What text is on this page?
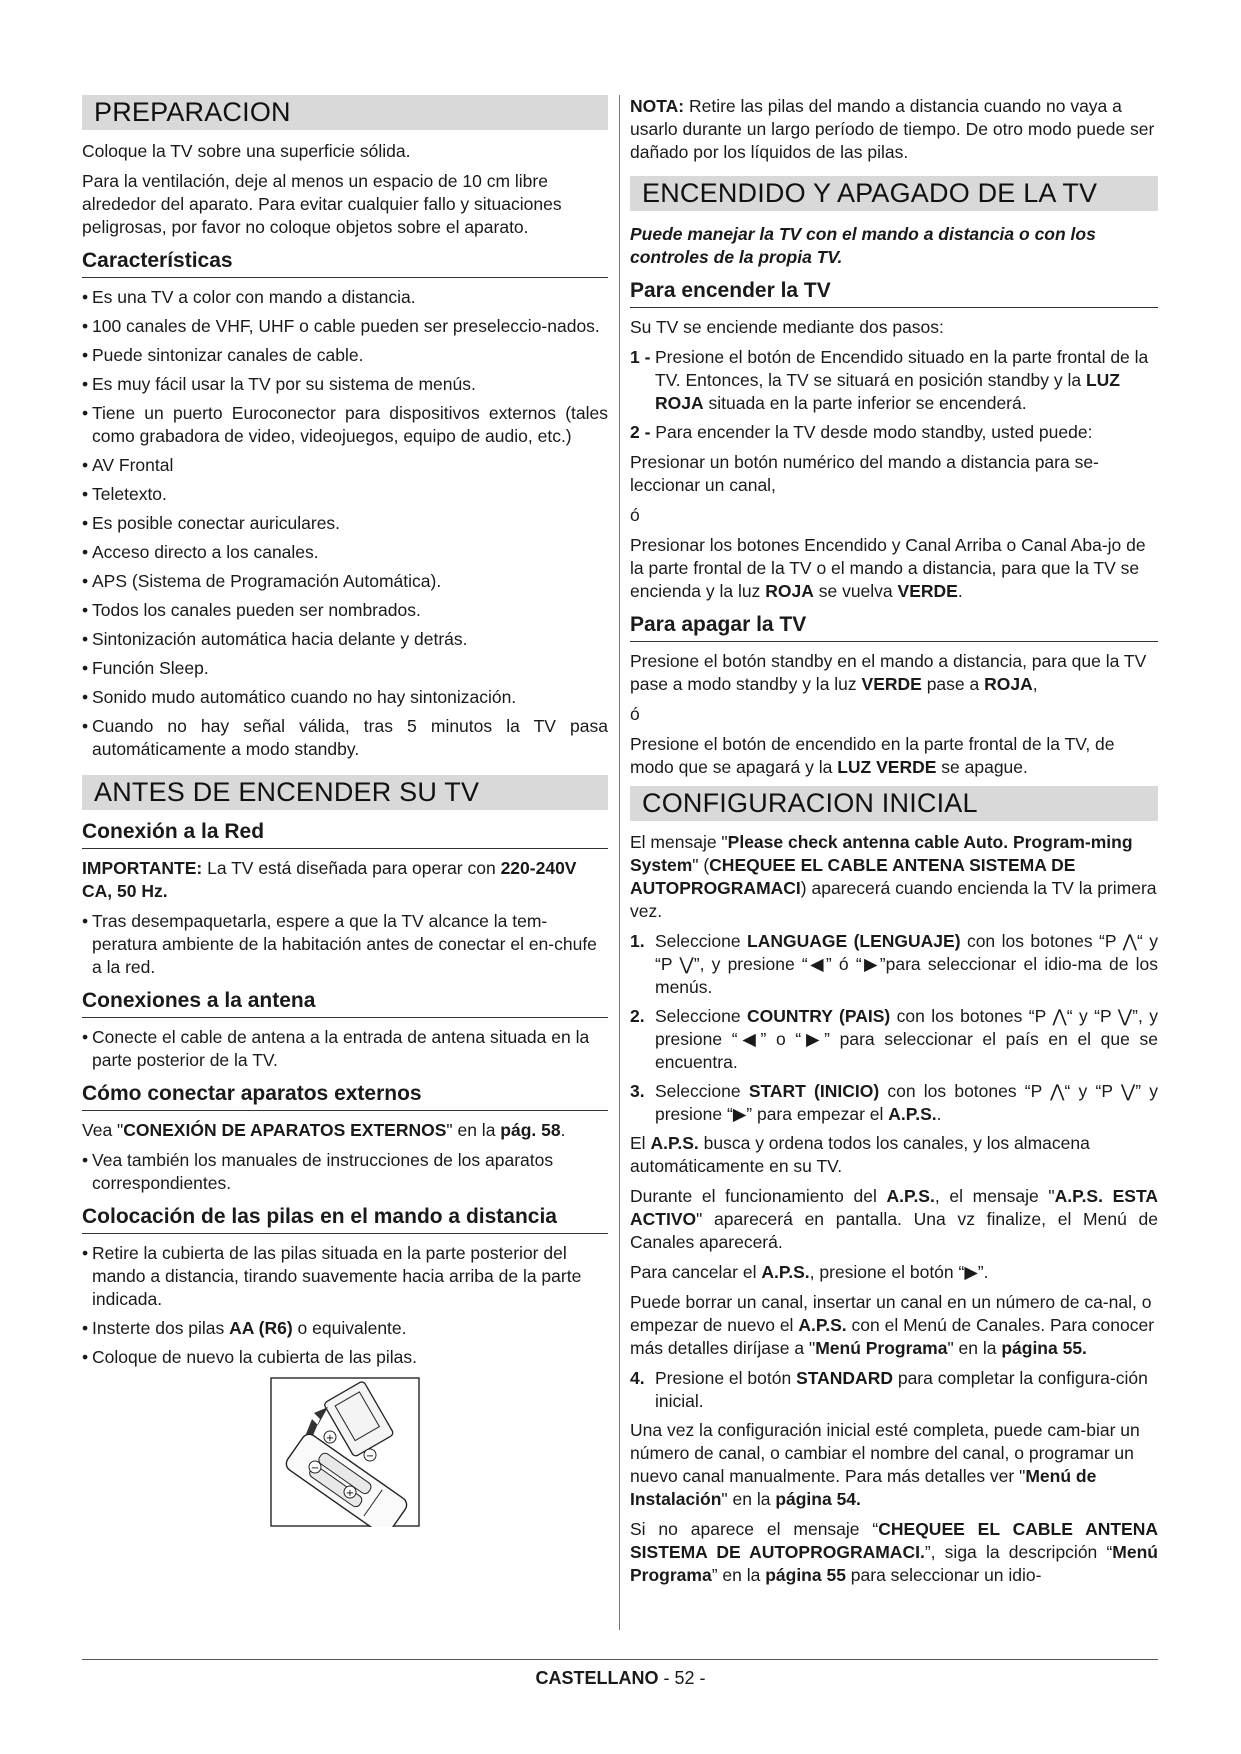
PREPARACION

Coloque la TV sobre una superficie sólida.

Para la ventilación, deje al menos un espacio de 10 cm libre alrededor del aparato. Para evitar cualquier fallo y situaciones peligrosas, por favor no coloque objetos sobre el aparato.

Características
• Es una TV a color con mando a distancia.
• 100 canales de VHF, UHF o cable pueden ser preseleccio-nados.
• Puede sintonizar canales de cable.
• Es muy fácil usar la TV por su sistema de menús.
• Tiene un puerto Euroconector para dispositivos externos (tales como grabadora de video, videojuegos, equipo de audio, etc.)
• AV Frontal
• Teletexto.
• Es posible conectar auriculares.
• Acceso directo a los canales.
• APS (Sistema de Programación Automática).
• Todos los canales pueden ser nombrados.
• Sintonización automática hacia delante y detrás.
• Función Sleep.
• Sonido mudo automático cuando no hay sintonización.
• Cuando no hay señal válida, tras 5 minutos la TV pasa automáticamente a modo standby.
ANTES DE ENCENDER SU TV
Conexión a la Red

IMPORTANTE: La TV está diseñada para operar con 220-240V CA, 50 Hz.

• Tras desempaquetarla, espere a que la TV alcance la tem-peratura ambiente de la habitación antes de conectar el en-chufe a la red.
Conexiones a la antena
• Conecte el cable de antena a la entrada de antena situada en la parte posterior de la TV.
Cómo conectar aparatos externos

Vea "CONEXIÓN DE APARATOS EXTERNOS" en la pág. 58.

• Vea también los manuales de instrucciones de los aparatos correspondientes.
Colocación de las pilas en el mando a distancia
• Retire la cubierta de las pilas situada en la parte posterior del mando a distancia, tirando suavemente hacia arriba de la parte indicada.
• Insterte dos pilas AA (R6) o equivalente.
• Coloque de nuevo la cubierta de las pilas.
+
−
−
+

NOTA: Retire las pilas del mando a distancia cuando no vaya a usarlo durante un largo período de tiempo. De otro modo puede ser dañado por los líquidos de las pilas.

ENCENDIDO Y APAGADO DE LA TV

Puede manejar la TV con el mando a distancia o con los controles de la propia TV.

Para encender la TV

Su TV se enciende mediante dos pasos:

1 - Presione el botón de Encendido situado en la parte frontal de la TV. Entonces, la TV se situará en posición standby y la LUZ ROJA situada en la parte inferior se encenderá.

2 - Para encender la TV desde modo standby, usted puede:

Presionar un botón numérico del mando a distancia para se-leccionar un canal,

ó

Presionar los botones Encendido y Canal Arriba o Canal Aba-jo de la parte frontal de la TV o el mando a distancia, para que la TV se encienda y la luz ROJA se vuelva VERDE.

Para apagar la TV

Presione el botón standby en el mando a distancia, para que la TV pase a modo standby y la luz VERDE pase a ROJA,

ó

Presione el botón de encendido en la parte frontal de la TV, de modo que se apagará y la LUZ VERDE se apague.

CONFIGURACION INICIAL

El mensaje "Please check antenna cable Auto. Program-ming System" (CHEQUEE EL CABLE ANTENA SISTEMA DE AUTOPROGRAMACI) aparecerá cuando encienda la TV la primera vez.

1. Seleccione LANGUAGE (LENGUAJE) con los botones “P ⋀“ y “P ⋁”, y presione “◀” ó “▶”para seleccionar el idio-ma de los menús.
2. Seleccione COUNTRY (PAIS) con los botones “P ⋀“ y “P ⋁”, y presione “◀” o “▶” para seleccionar el país en el que se encuentra.
3. Seleccione START (INICIO) con los botones “P ⋀“ y “P ⋁” y presione “▶” para empezar el A.P.S..

El A.P.S. busca y ordena todos los canales, y los almacena automáticamente en su TV.

Durante el funcionamiento del A.P.S., el mensaje "A.P.S. ESTA ACTIVO" aparecerá en pantalla. Una vz finalize, el Menú de Canales aparecerá.

Para cancelar el A.P.S., presione el botón “▶”.

Puede borrar un canal, insertar un canal en un número de ca-nal, o empezar de nuevo el A.P.S. con el Menú de Canales. Para conocer más detalles diríjase a "Menú Programa" en la página 55.

4. Presione el botón STANDARD para completar la configura-ción inicial.

Una vez la configuración inicial esté completa, puede cam-biar un número de canal, o cambiar el nombre del canal, o programar un nuevo canal manualmente. Para más detalles ver "Menú de Instalación" en la página 54.

Si no aparece el mensaje “CHEQUEE EL CABLE ANTENA SISTEMA DE AUTOPROGRAMACI.”, siga la descripción “Menú Programa” en la página 55 para seleccionar un idio-

CASTELLANO - 52 -
